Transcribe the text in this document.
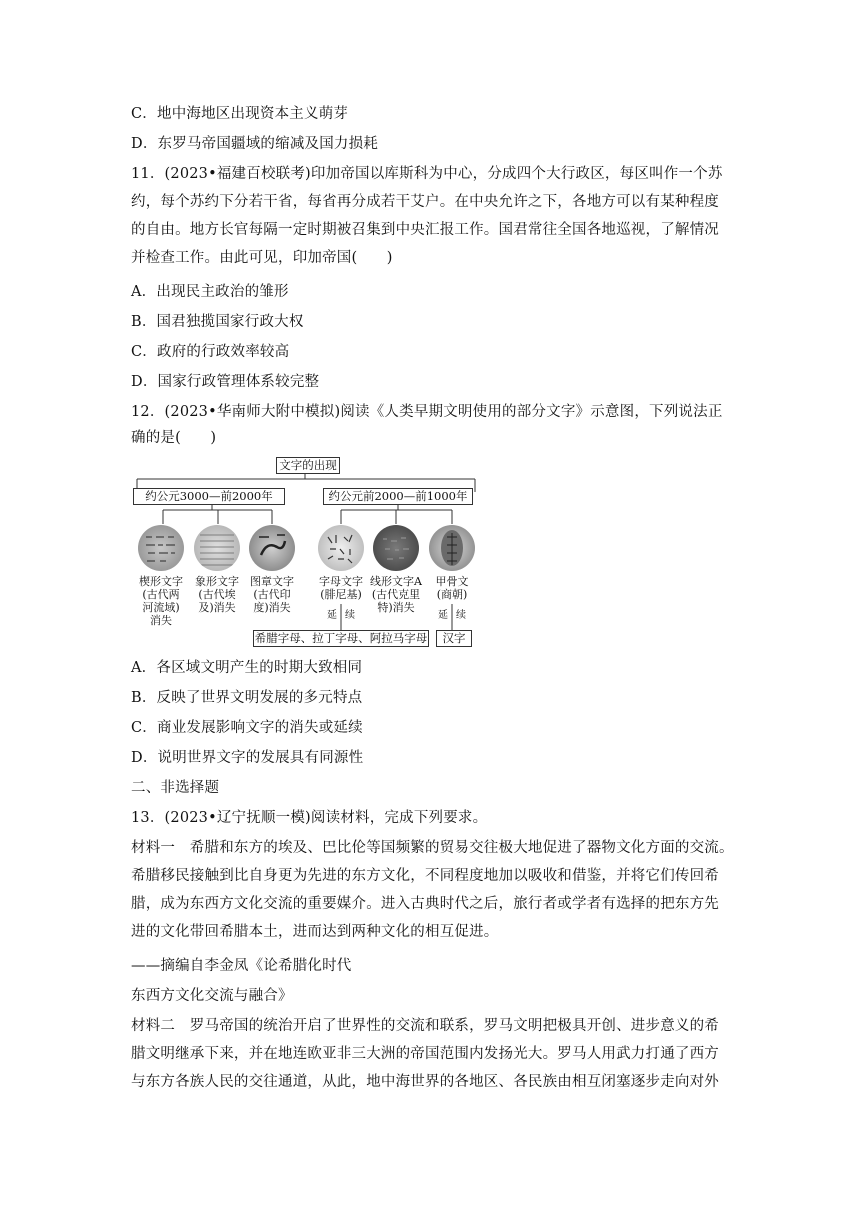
C．地中海地区出现资本主义萌芽
D．东罗马帝国疆域的缩减及国力损耗
11．(2023•福建百校联考)印加帝国以库斯科为中心，分成四个大行政区，每区叫作一个苏
约，每个苏约下分若干省，每省再分成若干艾户。在中央允许之下，各地方可以有某种程度
的自由。地方长官每隔一定时期被召集到中央汇报工作。国君常往全国各地巡视，了解情况
并检查工作。由此可见，印加帝国(　　)
A．出现民主政治的雏形
B．国君独揽国家行政大权
C．政府的行政效率较高
D．国家行政管理体系较完整
12．(2023•华南师大附中模拟)阅读《人类早期文明使用的部分文字》示意图，下列说法正
确的是(　　)
文字的出现
约公元3000—前2000年	约公元前2000—前1000年
楔形文字
(古代两
河流域)
消失
象形文字
(古代埃
及)消失
图章文字
(古代印
度)消失
字母文字
(腓尼基)
线形文字A
(古代克里
特)消失
甲骨文
(商朝)
延 续	延 续
希腊字母、拉丁字母、阿拉马字母	汉字
A．各区域文明产生的时期大致相同
B．反映了世界文明发展的多元特点
C．商业发展影响文字的消失或延续
D．说明世界文字的发展具有同源性
二、非选择题
13．(2023•辽宁抚顺一模)阅读材料，完成下列要求。
材料一　希腊和东方的埃及、巴比伦等国频繁的贸易交往极大地促进了器物文化方面的交流。
希腊移民接触到比自身更为先进的东方文化，不同程度地加以吸收和借鉴，并将它们传回希
腊，成为东西方文化交流的重要媒介。进入古典时代之后，旅行者或学者有选择的把东方先
进的文化带回希腊本土，进而达到两种文化的相互促进。
——摘编自李金凤《论希腊化时代
东西方文化交流与融合》
材料二　罗马帝国的统治开启了世界性的交流和联系，罗马文明把极具开创、进步意义的希
腊文明继承下来，并在地连欧亚非三大洲的帝国范围内发扬光大。罗马人用武力打通了西方
与东方各族人民的交往通道，从此，地中海世界的各地区、各民族由相互闭塞逐步走向对外
